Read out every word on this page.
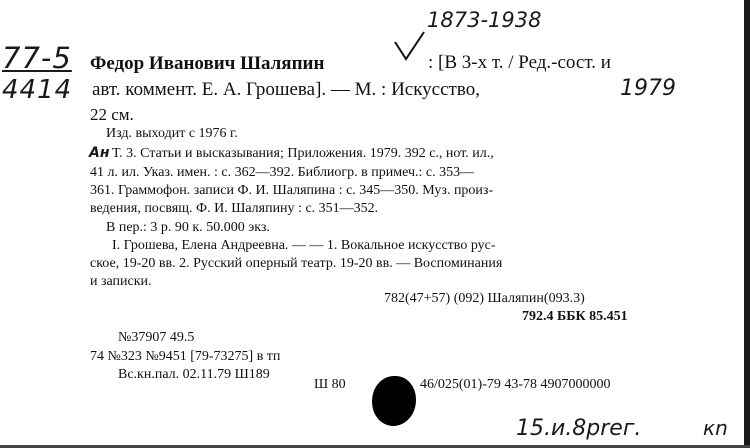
1873-1938
77-5
4414	1979
15.и.8рrег.	кn
Федор Иванович Шаляпин	: [В 3-х т. / Ред.-сост. и
авт. коммент. Е. А. Грошева]. — М. : Искусство,
22 см.
Изд. выходит с 1976 г.
Ан Т. 3. Статьи и высказывания; Приложения. 1979. 392 с., нот. ил.,
41 л. ил. Указ. имен. : с. 362—392. Библиогр. в примеч.: с. 353—
361. Граммофон. записи Ф. И. Шаляпина : с. 345—350. Муз. произ-
ведения, посвящ. Ф. И. Шаляпину : с. 351—352.
В пер.: 3 р. 90 к. 50.000 экз.
I. Грошева, Елена Андреевна. — — 1. Вокальное искусство рус-
ское, 19-20 вв. 2. Русский оперный театр. 19-20 вв. — Воспоминания
и записки.
782(47+57) (092) Шаляпин(093.3)
792.4 ББК 85.451
№37907 49.5
74 №323 №9451 [79-73275] в тп
Вс.кн.пал. 02.11.79 Ш189
Ш 80	46/025(01)-79 43-78 4907000000
